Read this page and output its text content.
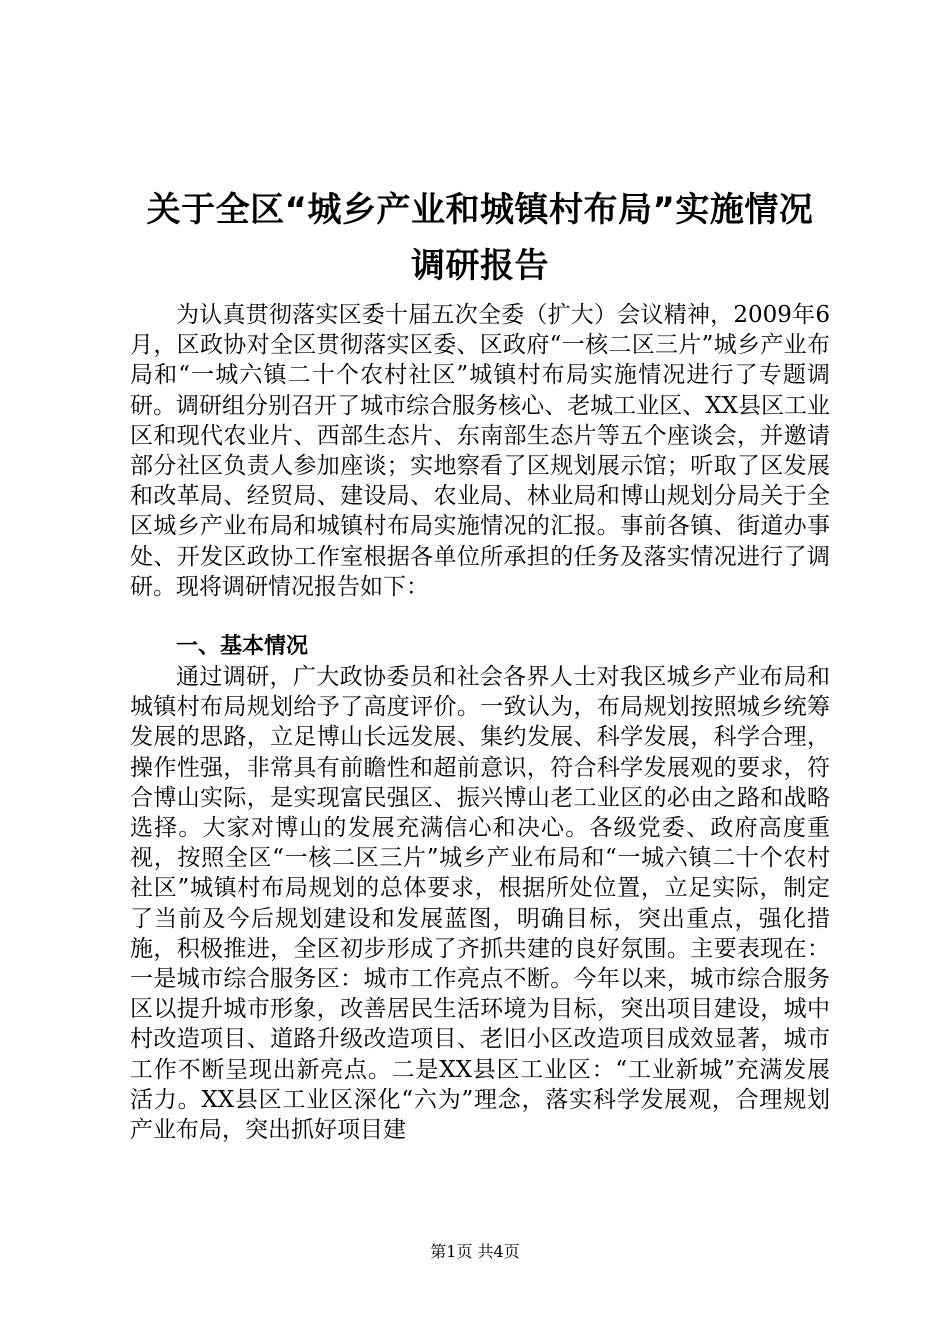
关于全区“城乡产业和城镇村布局”实施情况
调研报告

为认真贯彻落实区委十届五次全委（扩大）会议精神，2009年6月，区政协对全区贯彻落实区委、区政府“一核二区三片”城乡产业布局和“一城六镇二十个农村社区”城镇村布局实施情况进行了专题调研。调研组分别召开了城市综合服务核心、老城工业区、XX县区工业区和现代农业片、西部生态片、东南部生态片等五个座谈会，并邀请部分社区负责人参加座谈；实地察看了区规划展示馆；听取了区发展和改革局、经贸局、建设局、农业局、林业局和博山规划分局关于全区城乡产业布局和城镇村布局实施情况的汇报。事前各镇、街道办事处、开发区政协工作室根据各单位所承担的任务及落实情况进行了调研。现将调研情况报告如下：

一、基本情况

通过调研，广大政协委员和社会各界人士对我区城乡产业布局和城镇村布局规划给予了高度评价。一致认为，布局规划按照城乡统筹发展的思路，立足博山长远发展、集约发展、科学发展，科学合理，操作性强，非常具有前瞻性和超前意识，符合科学发展观的要求，符合博山实际，是实现富民强区、振兴博山老工业区的必由之路和战略选择。大家对博山的发展充满信心和决心。各级党委、政府高度重视，按照全区“一核二区三片”城乡产业布局和“一城六镇二十个农村社区”城镇村布局规划的总体要求，根据所处位置，立足实际，制定了当前及今后规划建设和发展蓝图，明确目标，突出重点，强化措施，积极推进，全区初步形成了齐抓共建的良好氛围。主要表现在：一是城市综合服务区：城市工作亮点不断。今年以来，城市综合服务区以提升城市形象，改善居民生活环境为目标，突出项目建设，城中村改造项目、道路升级改造项目、老旧小区改造项目成效显著，城市工作不断呈现出新亮点。二是XX县区工业区：“工业新城”充满发展活力。XX县区工业区深化“六为”理念，落实科学发展观，合理规划产业布局，突出抓好项目建

第1页 共4页
